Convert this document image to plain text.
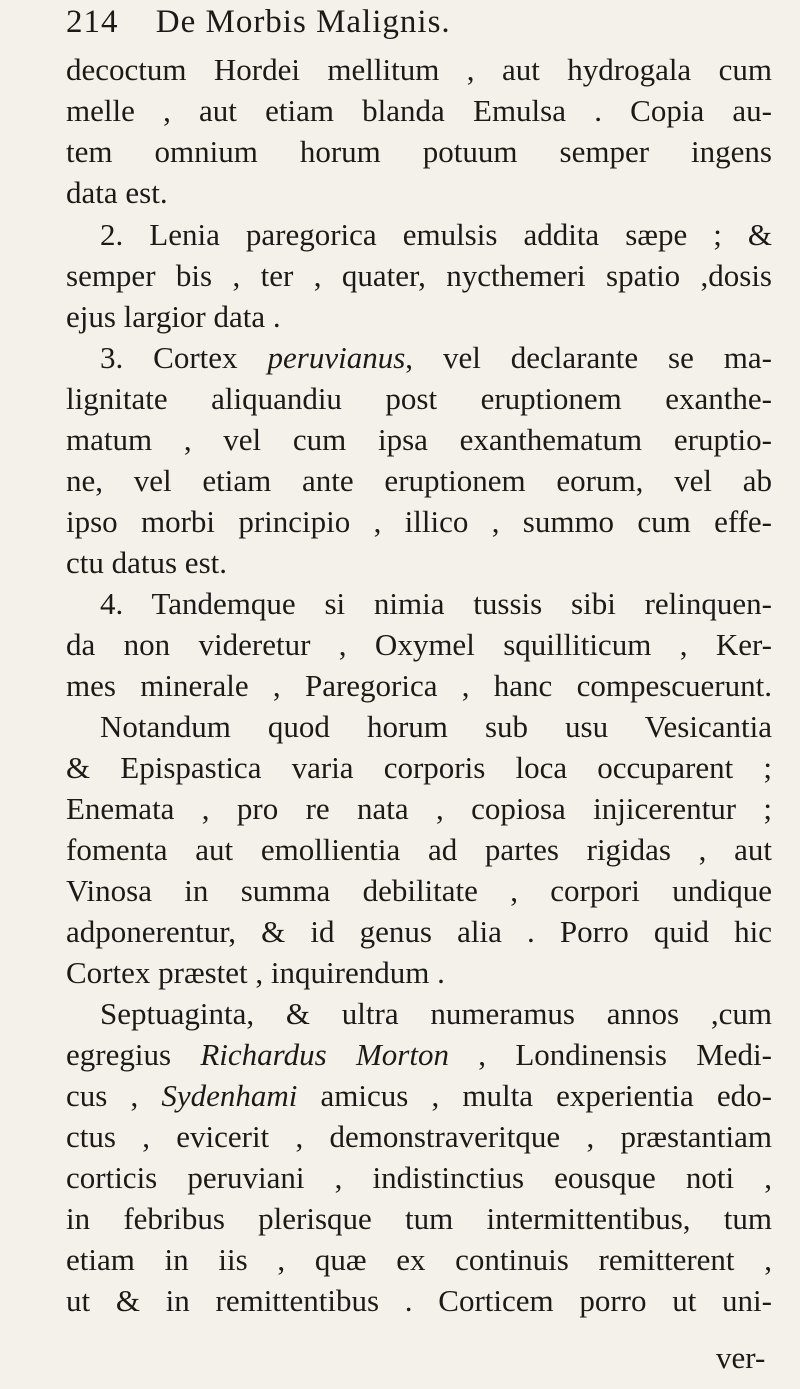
214 De Morbis Malignis.
decoctum Hordei mellitum , aut hydrogala cum
melle , aut etiam blanda Emulsa . Copia au-
tem omnium horum potuum semper ingens
data est.
2. Lenia paregorica emulsis addita sæpe ; &
semper bis , ter , quater, nycthemeri spatio ,dosis
ejus largior data .
3. Cortex peruvianus, vel declarante se ma-
lignitate aliquandiu post eruptionem exanthe-
matum , vel cum ipsa exanthematum eruptio-
ne, vel etiam ante eruptionem eorum, vel ab
ipso morbi principio , illico , summo cum effe-
ctu datus est.
4. Tandemque si nimia tussis sibi relinquen-
da non videretur , Oxymel squilliticum , Ker-
mes minerale , Paregorica , hanc compescuerunt.
Notandum quod horum sub usu Vesicantia
& Epispastica varia corporis loca occuparent ;
Enemata , pro re nata , copiosa injicerentur ;
fomenta aut emollientia ad partes rigidas , aut
Vinosa in summa debilitate , corpori undique
adponerentur, & id genus alia . Porro quid hic
Cortex præstet , inquirendum .
Septuaginta, & ultra numeramus annos ,cum
egregius Richardus Morton , Londinensis Medi-
cus , Sydenhami amicus , multa experientia edo-
ctus , evicerit , demonstraveritque , præstantiam
corticis peruviani , indistinctius eousque noti ,
in febribus plerisque tum intermittentibus, tum
etiam in iis , quæ ex continuis remitterent ,
ut & in remittentibus . Corticem porro ut uni-
ver-
